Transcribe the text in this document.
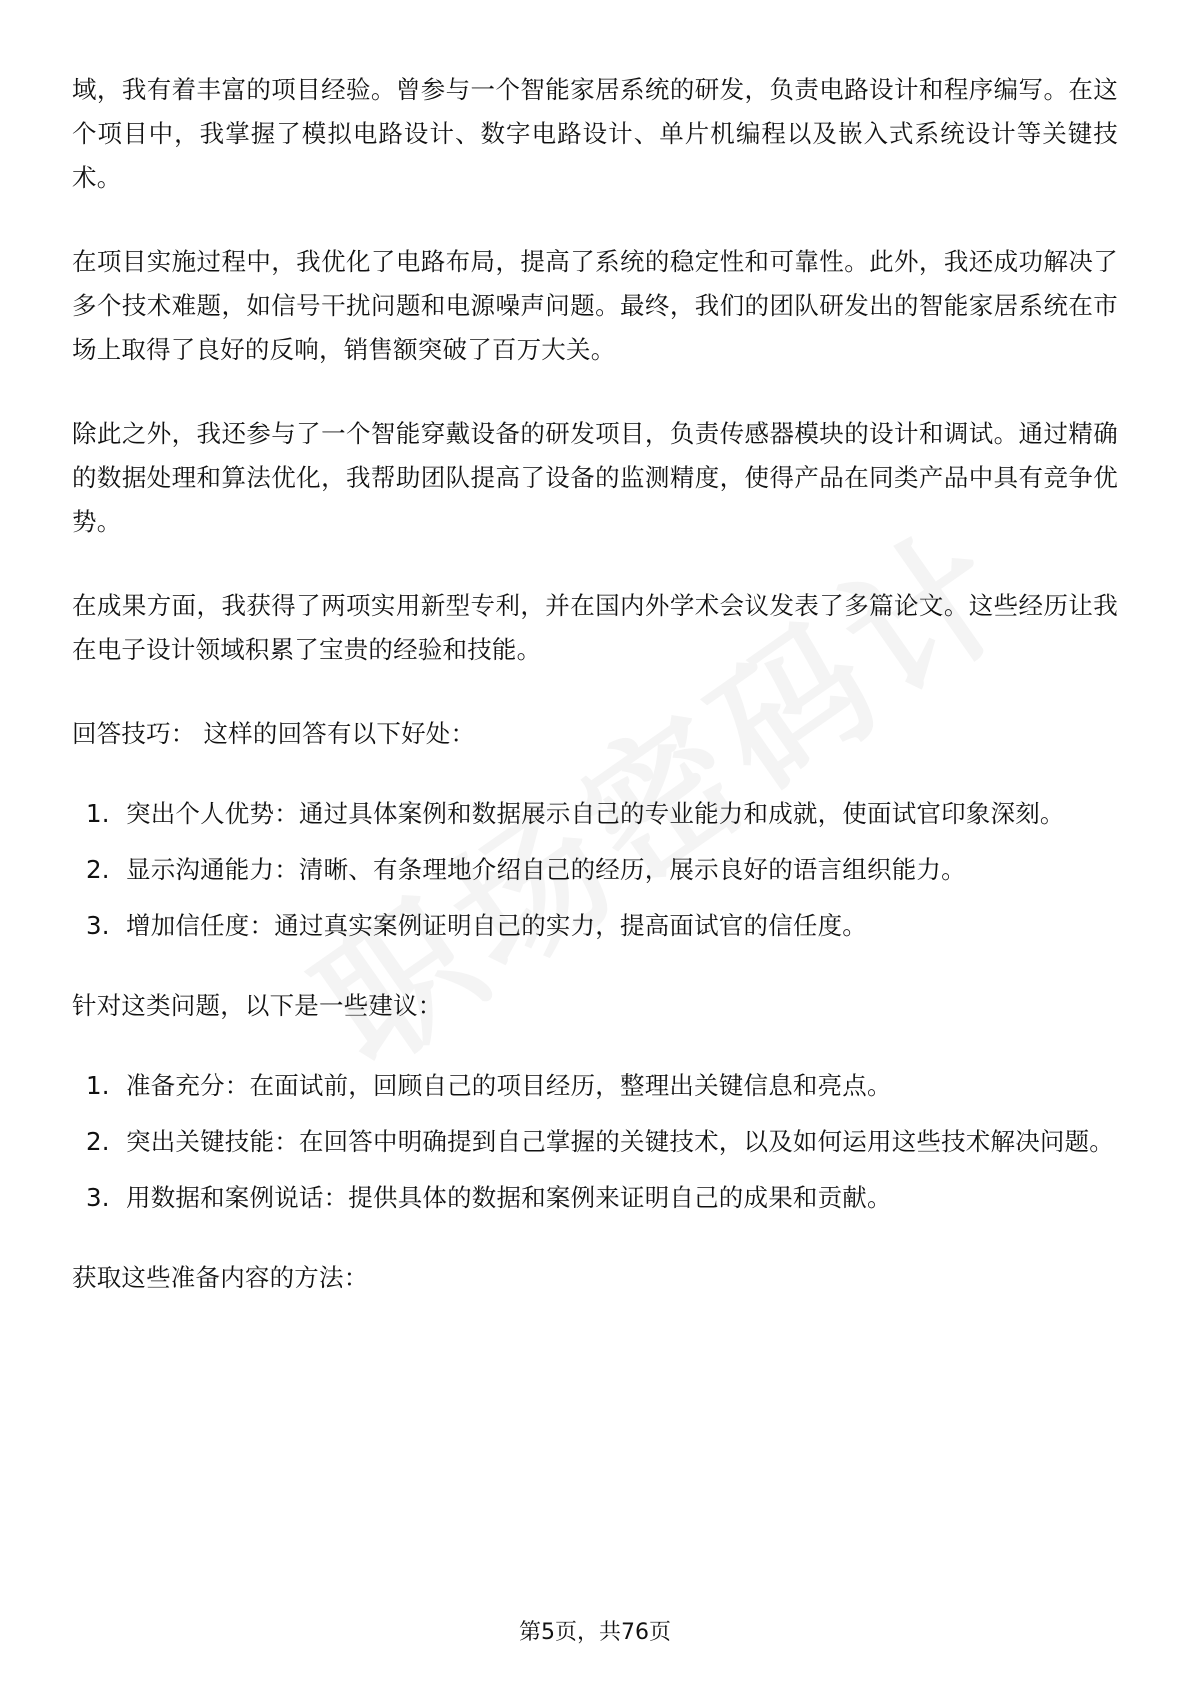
域，我有着丰富的项目经验。曾参与一个智能家居系统的研发，负责电路设计和程序编写。在这个项目中，我掌握了模拟电路设计、数字电路设计、单片机编程以及嵌入式系统设计等关键技术。

在项目实施过程中，我优化了电路布局，提高了系统的稳定性和可靠性。此外，我还成功解决了多个技术难题，如信号干扰问题和电源噪声问题。最终，我们的团队研发出的智能家居系统在市场上取得了良好的反响，销售额突破了百万大关。

除此之外，我还参与了一个智能穿戴设备的研发项目，负责传感器模块的设计和调试。通过精确的数据处理和算法优化，我帮助团队提高了设备的监测精度，使得产品在同类产品中具有竞争优势。

在成果方面，我获得了两项实用新型专利，并在国内外学术会议发表了多篇论文。这些经历让我在电子设计领域积累了宝贵的经验和技能。

回答技巧： 这样的回答有以下好处：

1. 突出个人优势：通过具体案例和数据展示自己的专业能力和成就，使面试官印象深刻。
2. 显示沟通能力：清晰、有条理地介绍自己的经历，展示良好的语言组织能力。
3. 增加信任度：通过真实案例证明自己的实力，提高面试官的信任度。

针对这类问题，以下是一些建议：

1. 准备充分：在面试前，回顾自己的项目经历，整理出关键信息和亮点。
2. 突出关键技能：在回答中明确提到自己掌握的关键技术，以及如何运用这些技术解决问题。
3. 用数据和案例说话：提供具体的数据和案例来证明自己的成果和贡献。

获取这些准备内容的方法：

第5页，共76页
